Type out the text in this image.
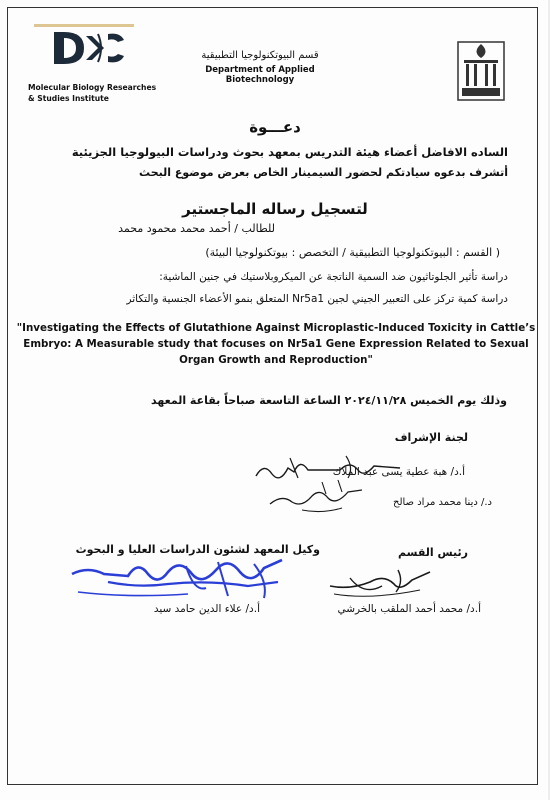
Molecular Biology Researches & Studies Institute
قسم البيوتكنولوجيا التطبيقية
Department of Applied Biotechnology
دعـــوة
الساده الافاضل أعضاء هيئة التدريس بمعهد بحوث ودراسات البيولوجيا الجزيئية
أتشرف بدعوه سيادتكم لحضور السيمينار الخاص بعرض موضوع البحث
لتسجيل رساله الماجستير
للطالب / أحمد محمد محمود محمد
( القسم : البيوتكنولوجيا التطبيقية / التخصص : بيوتكنولوجيا البيئة)
دراسة تأثير الجلوتاثيون ضد السمية الناتجة عن الميكروبلاستيك في جنين الماشية:
دراسة كمية تركز على التعبير الجيني لجين Nr5a1 المتعلق بنمو الأعضاء الجنسية والتكاثر
"Investigating the Effects of Glutathione Against Microplastic-Induced Toxicity in Cattle’s Embryo: A Measurable study that focuses on Nr5a1 Gene Expression Related to Sexual Organ Growth and Reproduction"
وذلك يوم الخميس ٢٠٢٤/١١/٢٨ الساعة التاسعة صباحاً بقاعة المعهد
لجنة الإشراف
أ.د/ هبة عطية يسى عبد الملاك
د./ دينا محمد مراد صالح
رئيس القسم
أ.د/ محمد أحمد الملقب بالخرشي
وكيل المعهد لشئون الدراسات العليا و البحوث
أ.د/ علاء الدين حامد سيد
